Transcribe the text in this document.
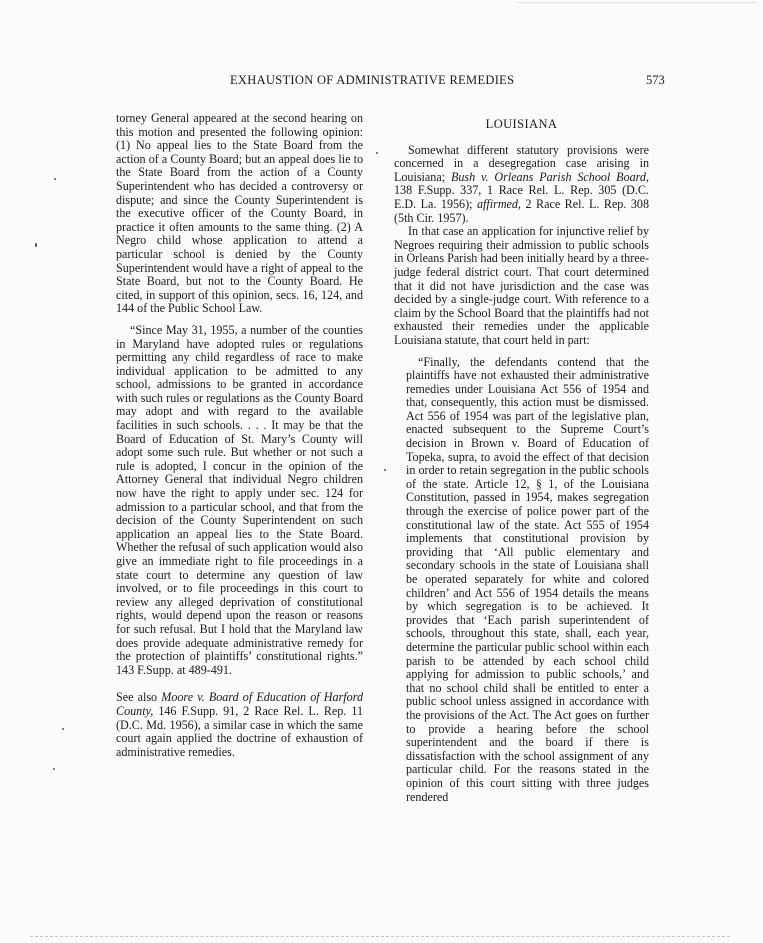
EXHAUSTION OF ADMINISTRATIVE REMEDIES	573

torney General appeared at the second hearing on this motion and presented the following opinion: (1) No appeal lies to the State Board from the action of a County Board; but an appeal does lie to the State Board from the action of a County Superintendent who has decided a controversy or dispute; and since the County Superintendent is the executive officer of the County Board, in practice it often amounts to the same thing. (2) A Negro child whose application to attend a particular school is denied by the County Superintendent would have a right of appeal to the State Board, but not to the County Board. He cited, in support of this opinion, secs. 16, 124, and 144 of the Public School Law.

“Since May 31, 1955, a number of the counties in Maryland have adopted rules or regulations permitting any child regardless of race to make individual application to be admitted to any school, admissions to be granted in accordance with such rules or regulations as the County Board may adopt and with regard to the available facilities in such schools. . . . It may be that the Board of Education of St. Mary’s County will adopt some such rule. But whether or not such a rule is adopted, I concur in the opinion of the Attorney General that individual Negro children now have the right to apply under sec. 124 for admission to a particular school, and that from the decision of the County Superintendent on such application an appeal lies to the State Board. Whether the refusal of such application would also give an immediate right to file proceedings in a state court to determine any question of law involved, or to file proceedings in this court to review any alleged deprivation of constitutional rights, would depend upon the reason or reasons for such refusal. But I hold that the Maryland law does provide adequate administrative remedy for the protection of plaintiffs’ constitutional rights.” 143 F.Supp. at 489-491.

See also Moore v. Board of Education of Harford County, 146 F.Supp. 91, 2 Race Rel. L. Rep. 11 (D.C. Md. 1956), a similar case in which the same court again applied the doctrine of exhaustion of administrative remedies.

LOUISIANA

Somewhat different statutory provisions were concerned in a desegregation case arising in Louisiana; Bush v. Orleans Parish School Board, 138 F.Supp. 337, 1 Race Rel. L. Rep. 305 (D.C. E.D. La. 1956); affirmed, 2 Race Rel. L. Rep. 308 (5th Cir. 1957).

In that case an application for injunctive relief by Negroes requiring their admission to public schools in Orleans Parish had been initially heard by a three-judge federal district court. That court determined that it did not have jurisdiction and the case was decided by a single-judge court. With reference to a claim by the School Board that the plaintiffs had not exhausted their remedies under the applicable Louisiana statute, that court held in part:

“Finally, the defendants contend that the plaintiffs have not exhausted their administrative remedies under Louisiana Act 556 of 1954 and that, consequently, this action must be dismissed. Act 556 of 1954 was part of the legislative plan, enacted subsequent to the Supreme Court’s decision in Brown v. Board of Education of Topeka, supra, to avoid the effect of that decision in order to retain segregation in the public schools of the state. Article 12, § 1, of the Louisiana Constitution, passed in 1954, makes segregation through the exercise of police power part of the constitutional law of the state. Act 555 of 1954 implements that constitutional provision by providing that ‘All public elementary and secondary schools in the state of Louisiana shall be operated separately for white and colored children’ and Act 556 of 1954 details the means by which segregation is to be achieved. It provides that ‘Each parish superintendent of schools, throughout this state, shall, each year, determine the particular public school within each parish to be attended by each school child applying for admission to public schools,’ and that no school child shall be entitled to enter a public school unless assigned in accordance with the provisions of the Act. The Act goes on further to provide a hearing before the school superintendent and the board if there is dissatisfaction with the school assignment of any particular child. For the reasons stated in the opinion of this court sitting with three judges rendered
